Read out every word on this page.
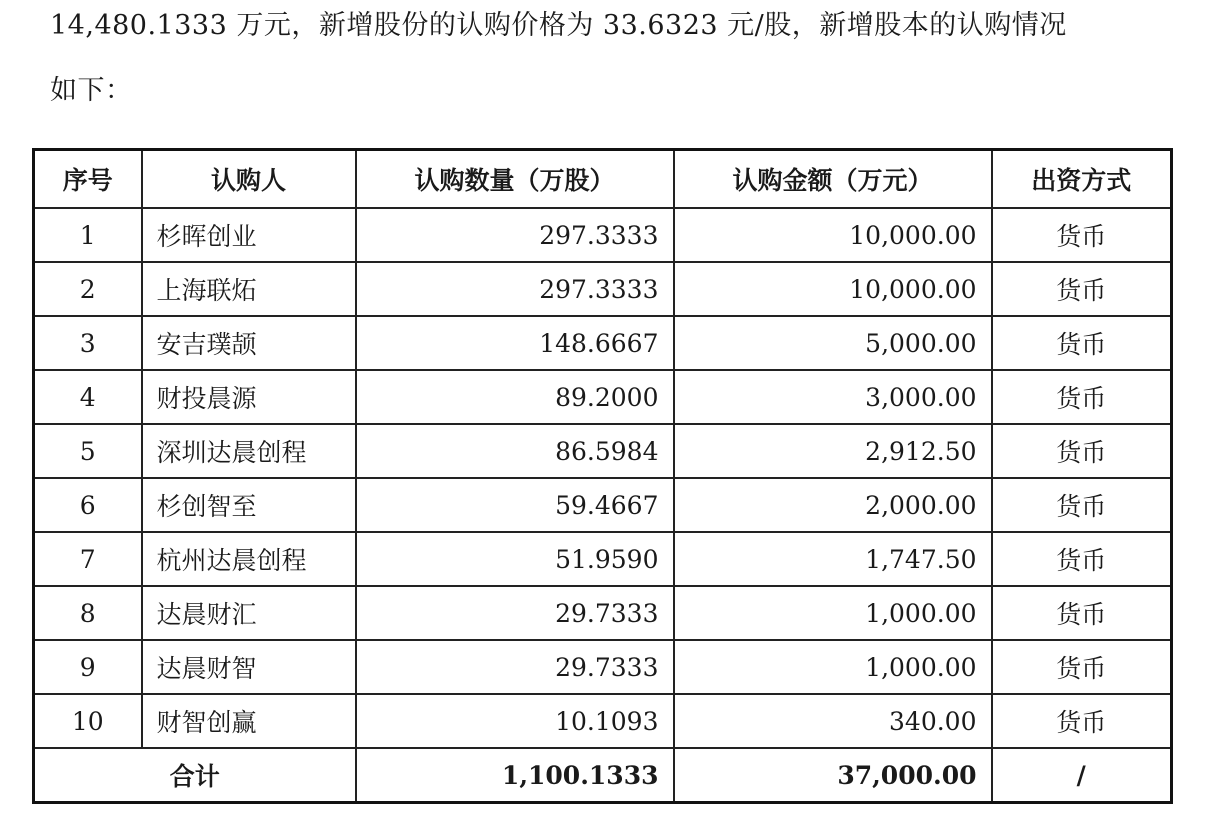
14,480.1333 万元，新增股份的认购价格为 33.6323 元/股，新增股本的认购情况
如下：
序号	认购人	认购数量（万股）	认购金额（万元）	出资方式
1	杉晖创业	297.3333	10,000.00	货币
2	上海联炻	297.3333	10,000.00	货币
3	安吉璞颉	148.6667	5,000.00	货币
4	财投晨源	89.2000	3,000.00	货币
5	深圳达晨创程	86.5984	2,912.50	货币
6	杉创智至	59.4667	2,000.00	货币
7	杭州达晨创程	51.9590	1,747.50	货币
8	达晨财汇	29.7333	1,000.00	货币
9	达晨财智	29.7333	1,000.00	货币
10	财智创赢	10.1093	340.00	货币
合计		1,100.1333	37,000.00	/
